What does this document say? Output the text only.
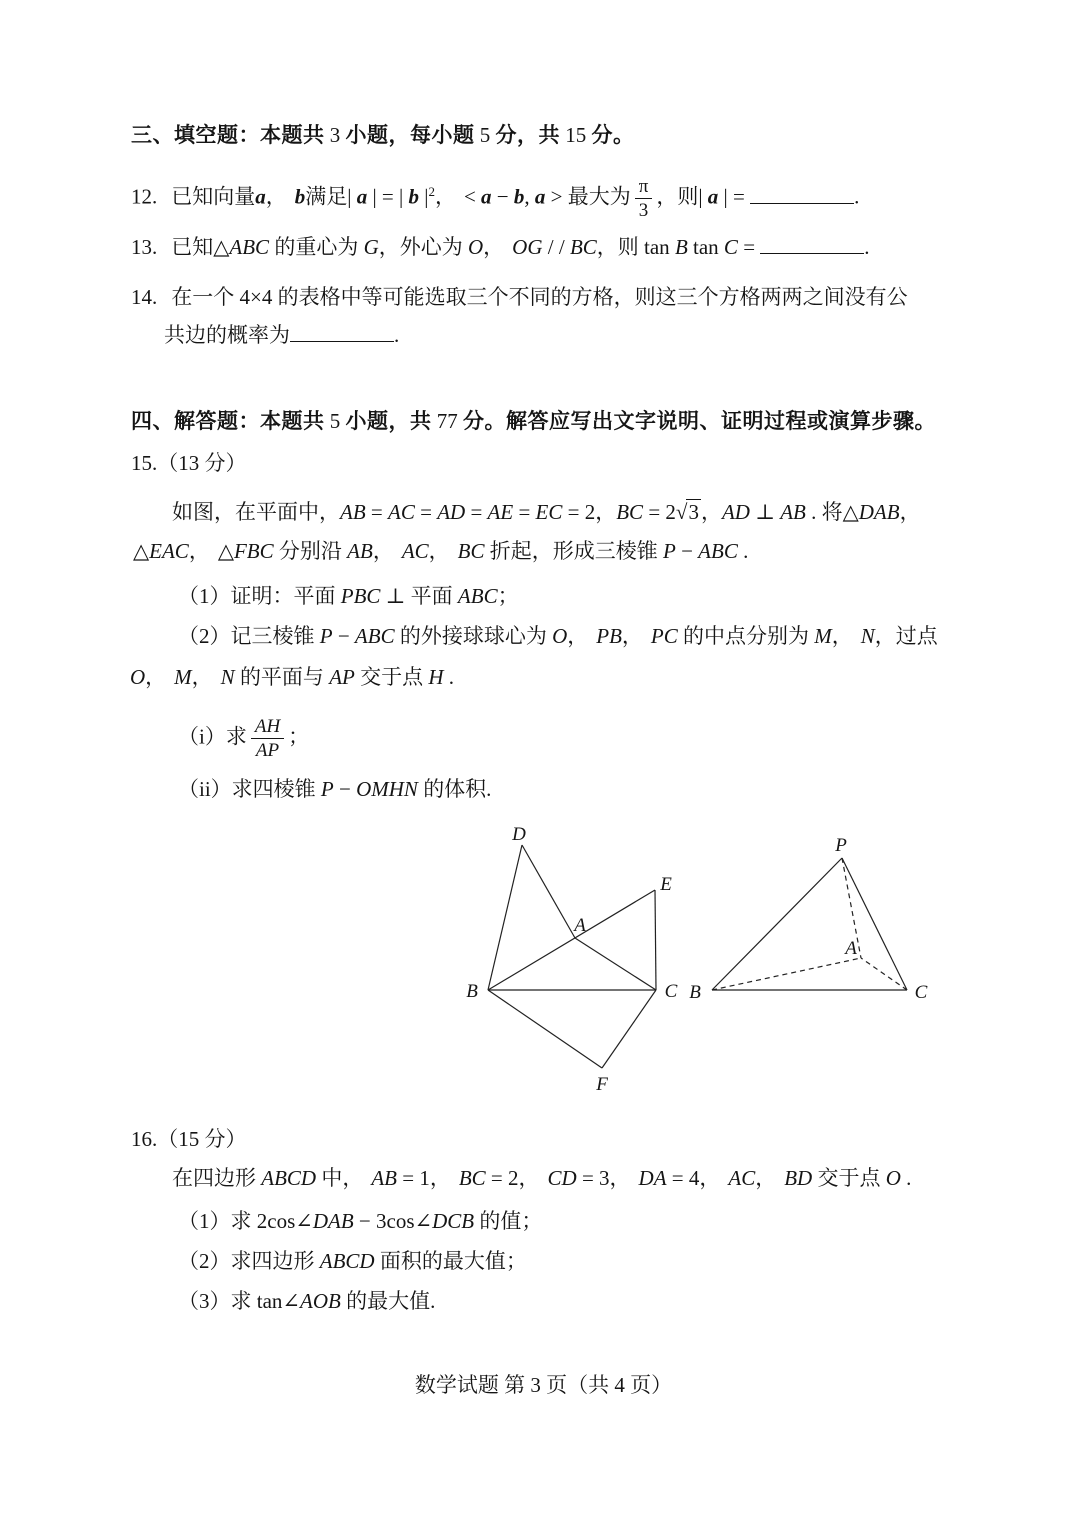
三、填空题：本题共 3 小题，每小题 5 分，共 15 分。
12. 已知向量a， b满足| a | = | b $|^2$， < a − b, a > 最大为 $\frac{\pi}{3}$ ，则| a | =	.
13. 已知△ABC 的重心为 G，外心为 O， OG / / BC，则 tan B tan C =	.
14. 在一个 4×4 的表格中等可能选取三个不同的方格，则这三个方格两两之间没有公
共边的概率为	.
四、解答题：本题共 5 小题，共 77 分。解答应写出文字说明、证明过程或演算步骤。
15.（13 分）
如图，在平面中，AB = AC = AD = AE = EC = 2，BC = 2√3，AD ⊥ AB . 将△DAB，
△EAC， △FBC 分别沿 AB， AC， BC 折起，形成三棱锥 P − ABC .
（1）证明：平面 PBC ⊥ 平面 ABC；
（2）记三棱锥 P − ABC 的外接球球心为 O， PB， PC 的中点分别为 M， N，过点
O， M， N 的平面与 AP 交于点 H .
（i）求 $\frac{AH}{AP}$ ；
（ii）求四棱锥 P − OMHN 的体积.
16.（15 分）
在四边形 ABCD 中， AB = 1， BC = 2， CD = 3， DA = 4， AC， BD 交于点 O .
（1）求 2cos∠DAB − 3cos∠DCB 的值；
（2）求四边形 ABCD 面积的最大值；
（3）求 tan∠AOB 的最大值.
数学试题 第 3 页（共 4 页）
D
E
A
B	C
F
P
A
B	C
